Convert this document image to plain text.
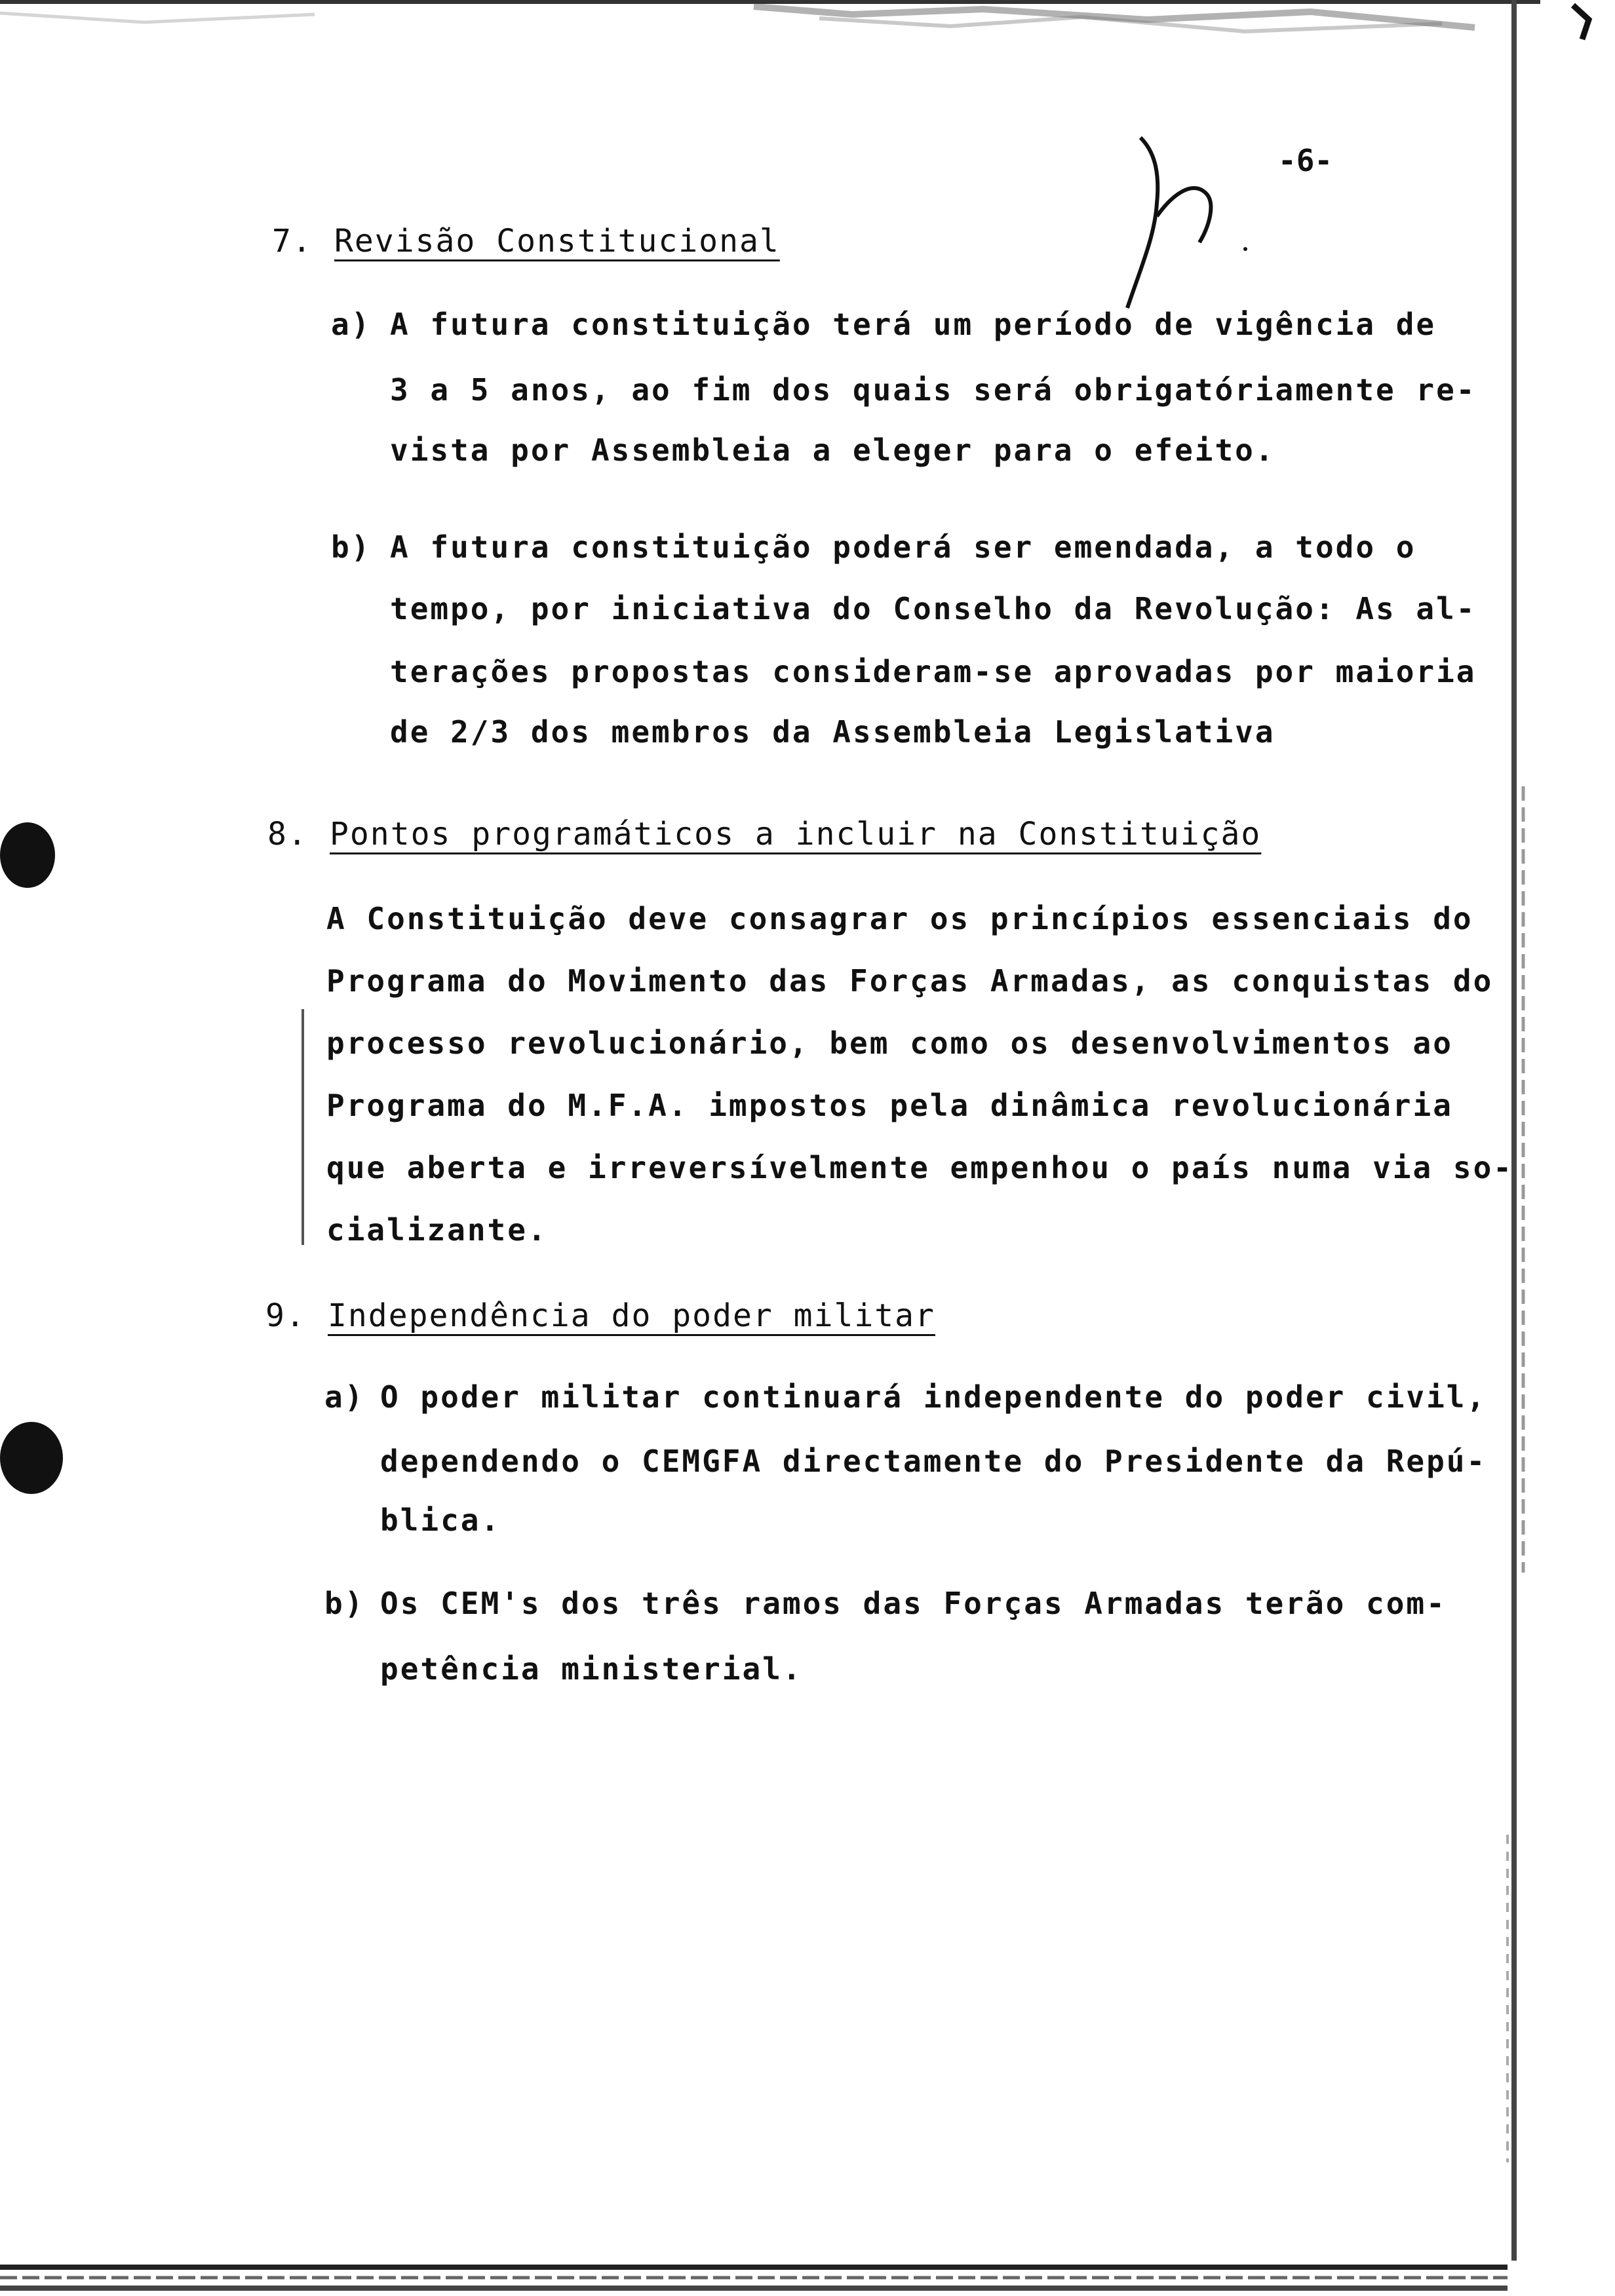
-6-
7. Revisão Constitucional
a) A futura constituição terá um período de vigência de
3 a 5 anos, ao fim dos quais será obrigatóriamente re-
vista por Assembleia a eleger para o efeito.
b) A futura constituição poderá ser emendada, a todo o
tempo, por iniciativa do Conselho da Revolução: As al-
terações propostas consideram-se aprovadas por maioria
de 2/3 dos membros da Assembleia Legislativa
8. Pontos programáticos a incluir na Constituição
A Constituição deve consagrar os princípios essenciais do
Programa do Movimento das Forças Armadas, as conquistas do
processo revolucionário, bem como os desenvolvimentos ao
Programa do M.F.A. impostos pela dinâmica revolucionária
que aberta e irreversívelmente empenhou o país numa via so-
cializante.
9. Independência do poder militar
a) O poder militar continuará independente do poder civil,
dependendo o CEMGFA directamente do Presidente da Repú-
blica.
b) Os CEM's dos três ramos das Forças Armadas terão com-
petência ministerial.
